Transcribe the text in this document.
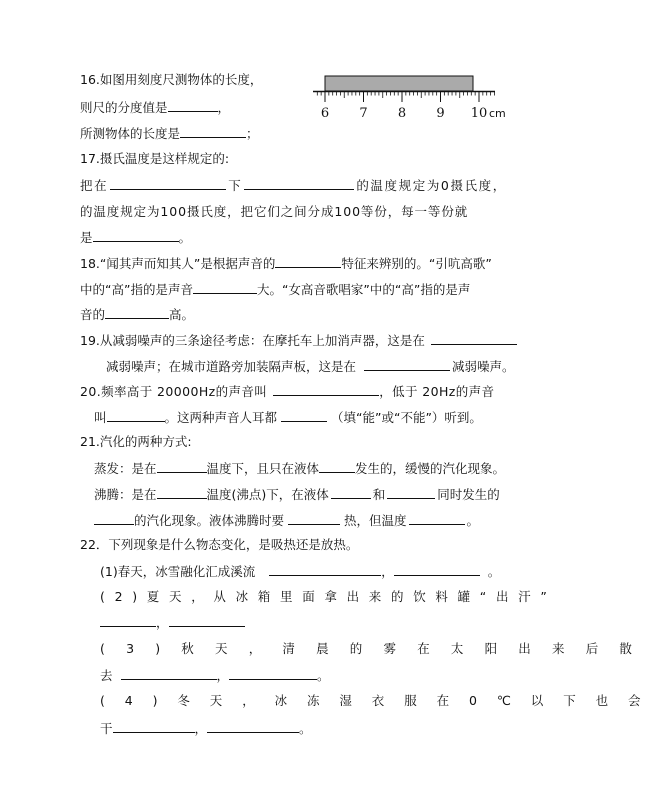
16.如图用刻度尺测物体的长度，
则尺的分度值是	，
所测物体的长度是	；
6 7 8 9 10 cm
17.摄氏温度是这样规定的:
把在	下	的温度规定为0摄氏度，
的温度规定为100摄氏度，把它们之间分成100等份，每一等份就
是	。
18.“闻其声而知其人”是根据声音的	特征来辨别的。“引吭高歌”
中的“高”指的是声音	大。“女高音歌唱家”中的“高”指的是声
音的	高。
19.从减弱噪声的三条途径考虑：在摩托车上加消声器，这是在
减弱噪声；在城市道路旁加装隔声板，这是在	减弱噪声。
20.频率高于 20000Hz的声音叫	，低于 20Hz的声音
叫	。这两种声音人耳都	（填“能”或“不能”）听到。
21.汽化的两种方式:
蒸发：是在	温度下，且只在液体	发生的，缓慢的汽化现象。
沸腾：是在	温度(沸点)下，在液体	和	同时发生的
的汽化现象。液体沸腾时要	热，但温度	。
22．下列现象是什么物态变化，是吸热还是放热。
(1)春天，冰雪融化汇成溪流	，	。
(2)夏天，从冰箱里面拿出来的饮料罐“出汗”
，
(3)秋天，清晨的雾在太阳出来后散
去	，	。
(4)冬天，冰冻湿衣服在0℃以下也会
干	，	。
